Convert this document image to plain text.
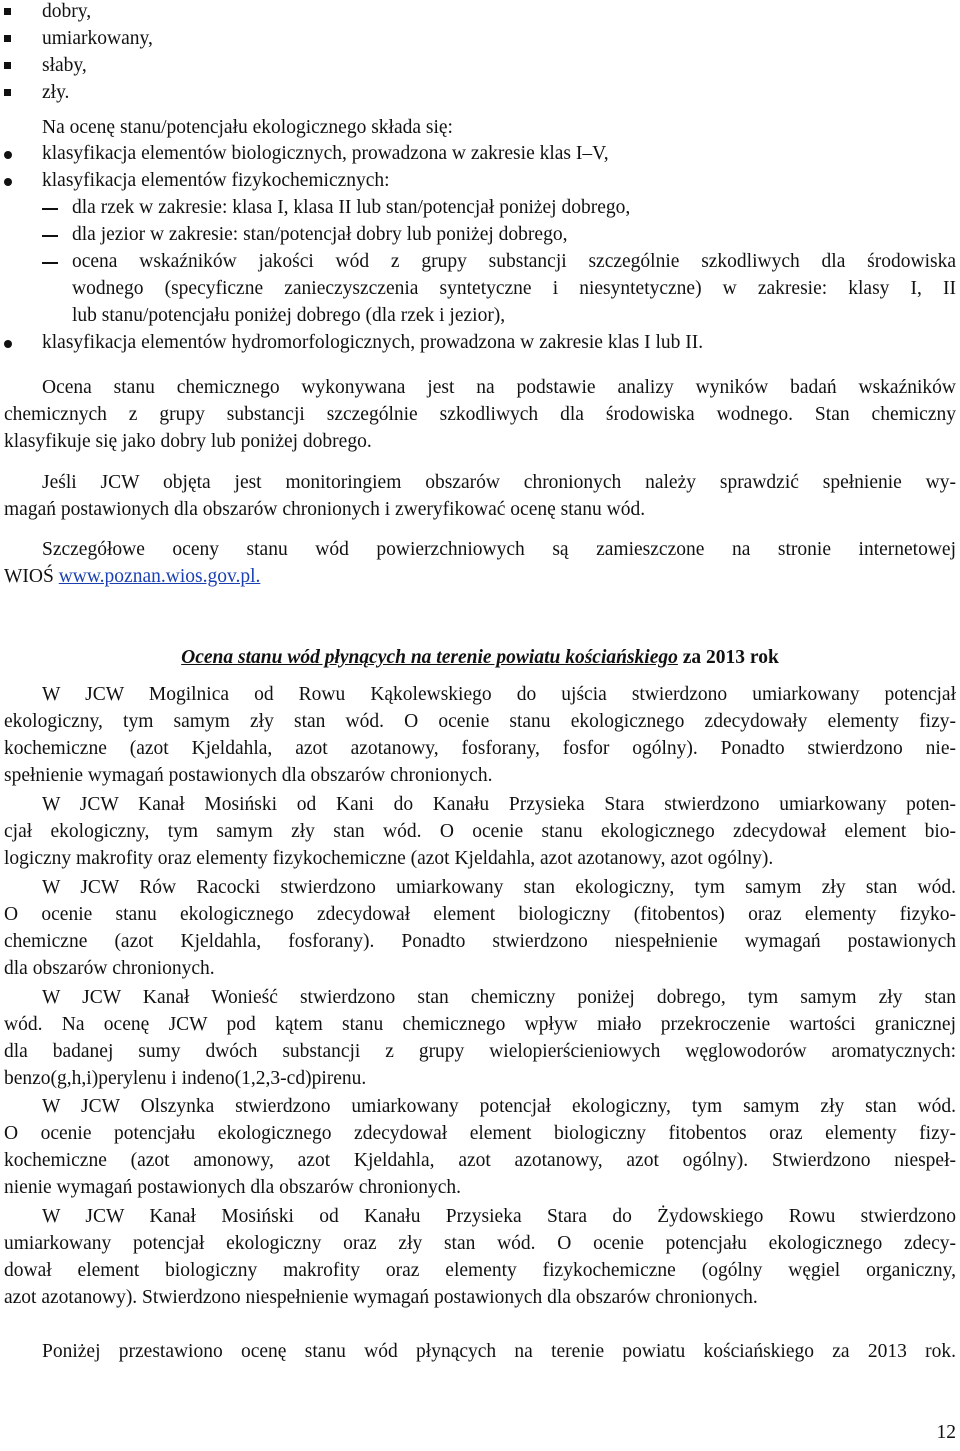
dobry,
umiarkowany,
słaby,
zły.
Na ocenę stanu/potencjału ekologicznego składa się:
klasyfikacja elementów biologicznych, prowadzona w zakresie klas I–V,
klasyfikacja elementów fizykochemicznych:
dla rzek w zakresie: klasa I, klasa II lub stan/potencjał poniżej dobrego,
dla jezior w zakresie: stan/potencjał dobry lub poniżej dobrego,
ocena wskaźników jakości wód z grupy substancji szczególnie szkodliwych dla środowiska
wodnego (specyficzne zanieczyszczenia syntetyczne i niesyntetyczne) w zakresie: klasy I, II
lub stanu/potencjału poniżej dobrego (dla rzek i jezior),
klasyfikacja elementów hydromorfologicznych, prowadzona w zakresie klas I lub II.
Ocena stanu chemicznego wykonywana jest na podstawie analizy wyników badań wskaźników
chemicznych z grupy substancji szczególnie szkodliwych dla środowiska wodnego. Stan chemiczny
klasyfikuje się jako dobry lub poniżej dobrego.
Jeśli JCW objęta jest monitoringiem obszarów chronionych należy sprawdzić spełnienie wy-
magań postawionych dla obszarów chronionych i zweryfikować ocenę stanu wód.
Szczegółowe oceny stanu wód powierzchniowych są zamieszczone na stronie internetowej
WIOŚ www.poznan.wios.gov.pl.
Ocena stanu wód płynących na terenie powiatu kościańskiego za 2013 rok
W JCW Mogilnica od Rowu Kąkolewskiego do ujścia stwierdzono umiarkowany potencjał
ekologiczny, tym samym zły stan wód. O ocenie stanu ekologicznego zdecydowały elementy fizy-
kochemiczne (azot Kjeldahla, azot azotanowy, fosforany, fosfor ogólny). Ponadto stwierdzono nie-
spełnienie wymagań postawionych dla obszarów chronionych.
W JCW Kanał Mosiński od Kani do Kanału Przysieka Stara stwierdzono umiarkowany poten-
cjał ekologiczny, tym samym zły stan wód. O ocenie stanu ekologicznego zdecydował element bio-
logiczny makrofity oraz elementy fizykochemiczne (azot Kjeldahla, azot azotanowy, azot ogólny).
W JCW Rów Racocki stwierdzono umiarkowany stan ekologiczny, tym samym zły stan wód.
O ocenie stanu ekologicznego zdecydował element biologiczny (fitobentos) oraz elementy fizyko-
chemiczne (azot Kjeldahla, fosforany). Ponadto stwierdzono niespełnienie wymagań postawionych
dla obszarów chronionych.
W JCW Kanał Wonieść stwierdzono stan chemiczny poniżej dobrego, tym samym zły stan
wód. Na ocenę JCW pod kątem stanu chemicznego wpływ miało przekroczenie wartości granicznej
dla badanej sumy dwóch substancji z grupy wielopierścieniowych węglowodorów aromatycznych:
benzo(g,h,i)perylenu i indeno(1,2,3-cd)pirenu.
W JCW Olszynka stwierdzono umiarkowany potencjał ekologiczny, tym samym zły stan wód.
O ocenie potencjału ekologicznego zdecydował element biologiczny fitobentos oraz elementy fizy-
kochemiczne (azot amonowy, azot Kjeldahla, azot azotanowy, azot ogólny). Stwierdzono niespeł-
nienie wymagań postawionych dla obszarów chronionych.
W JCW Kanał Mosiński od Kanału Przysieka Stara do Żydowskiego Rowu stwierdzono
umiarkowany potencjał ekologiczny oraz zły stan wód. O ocenie potencjału ekologicznego zdecy-
dował element biologiczny makrofity oraz elementy fizykochemiczne (ogólny węgiel organiczny,
azot azotanowy). Stwierdzono niespełnienie wymagań postawionych dla obszarów chronionych.
Poniżej przestawiono ocenę stanu wód płynących na terenie powiatu kościańskiego za 2013 rok.
12
